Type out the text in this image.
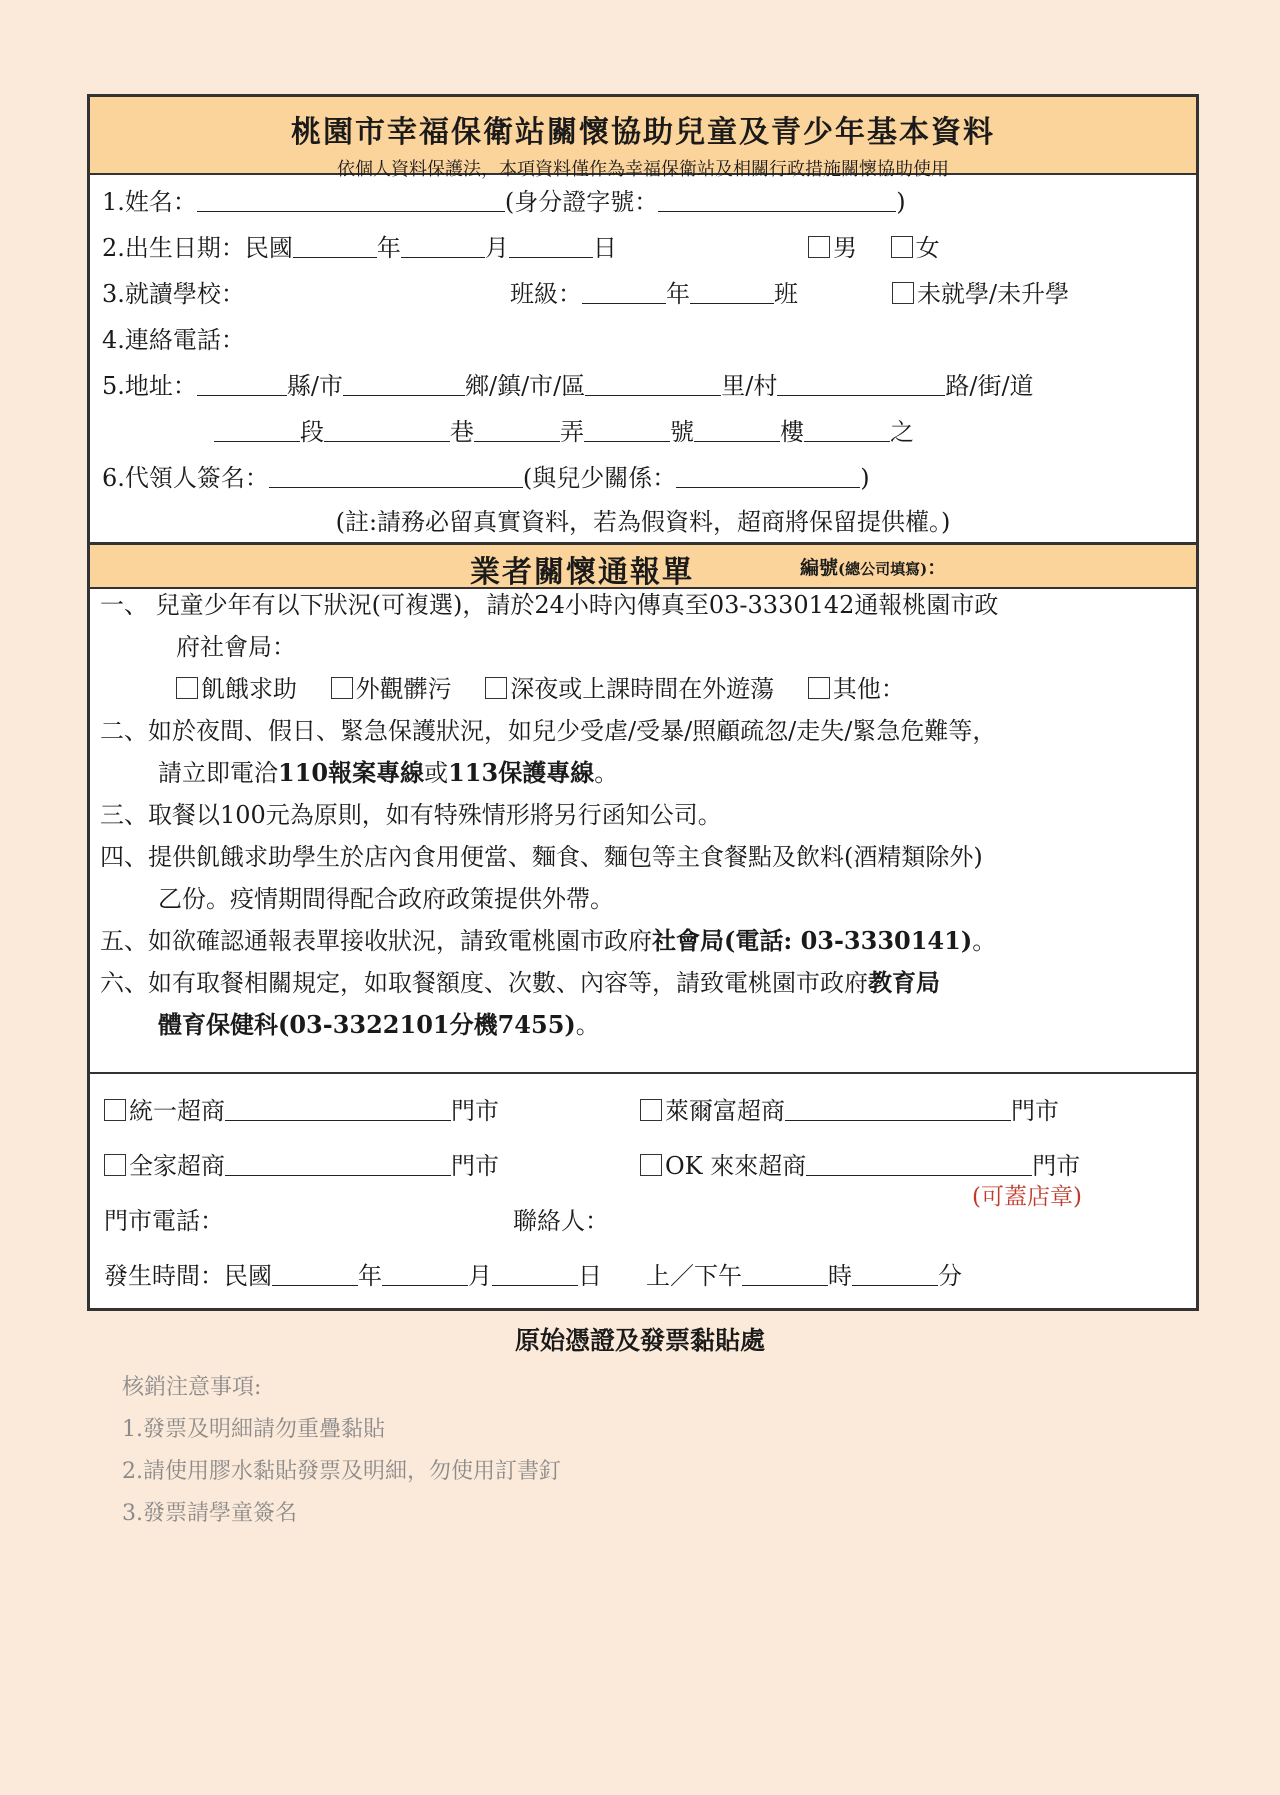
桃園市幸福保衛站關懷協助兒童及青少年基本資料
依個人資料保護法，本項資料僅作為幸福保衛站及相關行政措施關懷協助使用
1.姓名：	(身分證字號：	)
2.出生日期：民國	年	月	日	男 女
3.就讀學校：	班級：	年	班	未就學/未升學
4.連絡電話：
5.地址：	縣/市	鄉/鎮/市/區	里/村	路/街/道
段	巷	弄	號	樓	之
6.代領人簽名：	(與兒少關係：	)
(註:請務必留真實資料，若為假資料，超商將保留提供權。)
業者關懷通報單	編號(總公司填寫)：
一、 兒童少年有以下狀況(可複選)，請於24小時內傳真至03-3330142通報桃園市政
府社會局：
飢餓求助 外觀髒污 深夜或上課時間在外遊蕩 其他：
二、如於夜間、假日、緊急保護狀況，如兒少受虐/受暴/照顧疏忽/走失/緊急危難等，
請立即電洽110報案專線或113保護專線。
三、取餐以100元為原則，如有特殊情形將另行函知公司。
四、提供飢餓求助學生於店內食用便當、麵食、麵包等主食餐點及飲料(酒精類除外)
乙份。疫情期間得配合政府政策提供外帶。
五、如欲確認通報表單接收狀況，請致電桃園市政府社會局(電話: 03-3330141)。
六、如有取餐相關規定，如取餐額度、次數、內容等，請致電桃園市政府教育局
體育保健科(03-3322101分機7455)。
統一超商	門市	萊爾富超商	門市
全家超商	門市	OK 來來超商	門市
(可蓋店章)
門市電話：	聯絡人：
發生時間：民國	年	月	日 上／下午	時	分
原始憑證及發票黏貼處
核銷注意事項:
1.發票及明細請勿重疊黏貼
2.請使用膠水黏貼發票及明細，勿使用訂書釘
3.發票請學童簽名
